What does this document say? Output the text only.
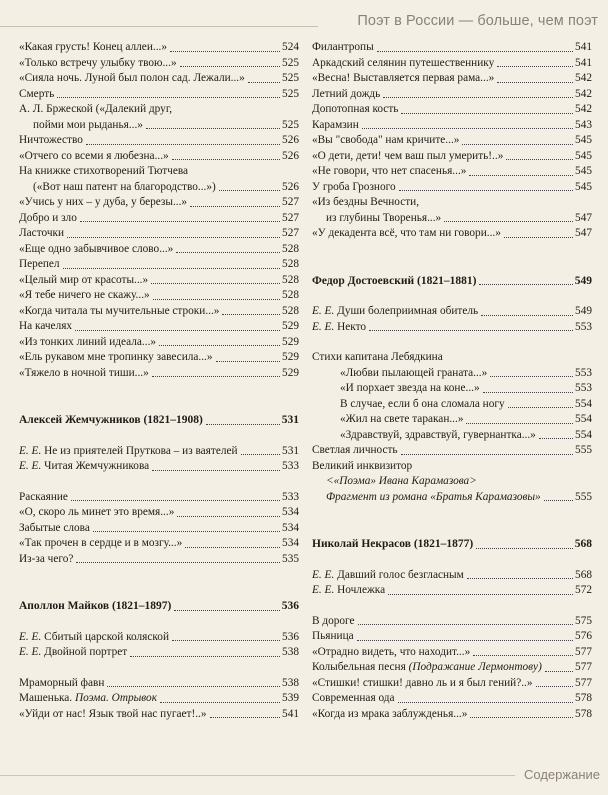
Поэт в России — больше, чем поэт
«Какая грусть! Конец аллеи...»	524
«Только встречу улыбку твою...»	525
«Сияла ночь. Луной был полон сад. Лежали...»	525
Смерть	525
А. Л. Бржеской («Далекий друг,
пойми мои рыданья...»	525
Ничтожество	526
«Отчего со всеми я любезна...»	526
На книжке стихотворений Тютчева
(«Вот наш патент на благородство...»)	526
«Учись у них – у дуба, у березы...»	527
Добро и зло	527
Ласточки	527
«Еще одно забывчивое слово...»	528
Перепел	528
«Целый мир от красоты...»	528
«Я тебе ничего не скажу...»	528
«Когда читала ты мучительные строки...»	528
На качелях	529
«Из тонких линий идеала...»	529
«Ель рукавом мне тропинку завесила...»	529
«Тяжело в ночной тиши...»	529
Алексей Жемчужников (1821–1908)	531
Е. Е. Не из приятелей Пруткова – из ваятелей	531
Е. Е. Читая Жемчужникова	533
Раскаяние	533
«О, скоро ль минет это время...»	534
Забытые слова	534
«Так прочен в сердце и в мозгу...»	534
Из-за чего?	535
Аполлон Майков (1821–1897)	536
Е. Е. Сбитый царской коляской	536
Е. Е. Двойной портрет	538
Мраморный фавн	538
Машенька. Поэма. Отрывок	539
«Уйди от нас! Язык твой нас пугает!..»	541
Филантропы	541
Аркадский селянин путешественнику	541
«Весна! Выставляется первая рама...»	542
Летний дождь	542
Допотопная кость	542
Карамзин	543
«Вы "свобода" нам кричите...»	545
«О дети, дети! чем ваш пыл умерить!..»	545
«Не говори, что нет спасенья...»	545
У гроба Грозного	545
«Из бездны Вечности,
из глубины Творенья...»	547
«У декадента всё, что там ни говори...»	547
Федор Достоевский (1821–1881)	549
Е. Е. Души болеприимная обитель	549
Е. Е. Некто	553
Стихи капитана Лебядкина
«Любви пылающей граната...»	553
«И порхает звезда на коне...»	553
В случае, если б она сломала ногу	554
«Жил на свете таракан...»	554
«Здравствуй, здравствуй, гувернантка...»	554
Светлая личность	555
Великий инквизитор
<«Поэма» Ивана Карамазова>
Фрагмент из романа «Братья Карамазовы»	555
Николай Некрасов (1821–1877)	568
Е. Е. Давший голос безгласным	568
Е. Е. Ночлежка	572
В дороге	575
Пьяница	576
«Отрадно видеть, что находит...»	577
Колыбельная песня (Подражание Лермонтову)	577
«Стишки! стишки! давно ль и я был гений?..»	577
Современная ода	578
«Когда из мрака заблужденья...»	578
Содержание
